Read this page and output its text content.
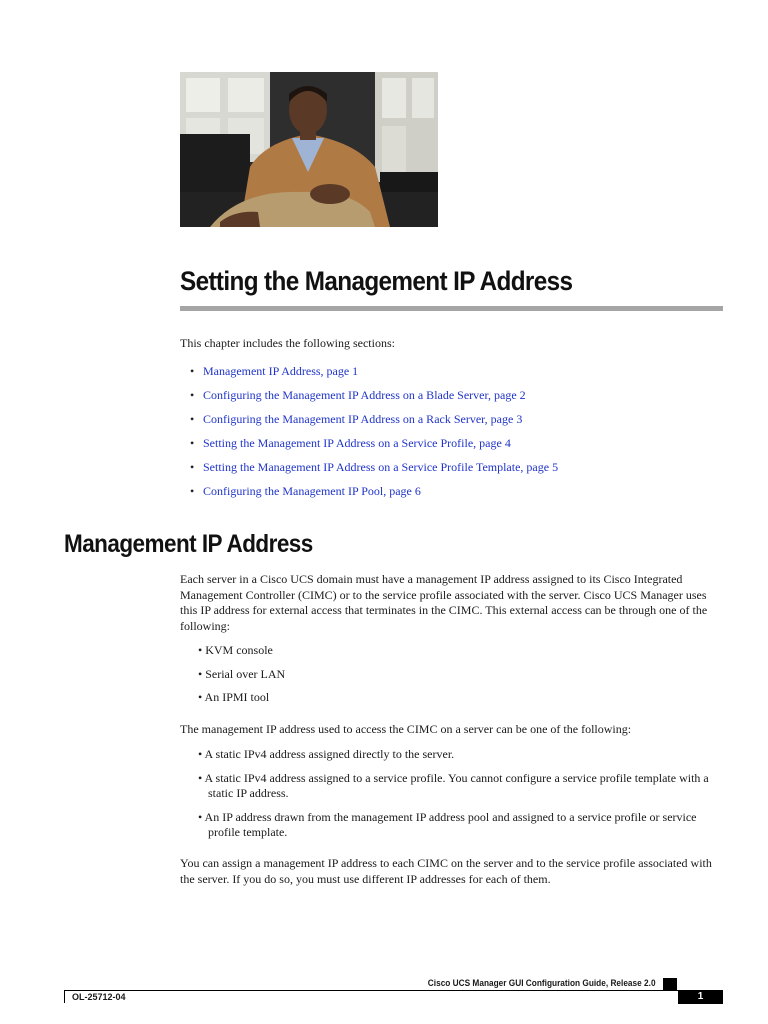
Setting the Management IP Address
This chapter includes the following sections:
• Management IP Address, page 1
• Configuring the Management IP Address on a Blade Server, page 2
• Configuring the Management IP Address on a Rack Server, page 3
• Setting the Management IP Address on a Service Profile, page 4
• Setting the Management IP Address on a Service Profile Template, page 5
• Configuring the Management IP Pool, page 6
Management IP Address

Each server in a Cisco UCS domain must have a management IP address assigned to its Cisco Integrated Management Controller (CIMC) or to the service profile associated with the server. Cisco UCS Manager uses this IP address for external access that terminates in the CIMC. This external access can be through one of the following:

• KVM console
• Serial over LAN
• An IPMI tool

The management IP address used to access the CIMC on a server can be one of the following:

• A static IPv4 address assigned directly to the server.
• A static IPv4 address assigned to a service profile. You cannot configure a service profile template with a static IP address.
• An IP address drawn from the management IP address pool and assigned to a service profile or service profile template.

You can assign a management IP address to each CIMC on the server and to the service profile associated with the server. If you do so, you must use different IP addresses for each of them.

Cisco UCS Manager GUI Configuration Guide, Release 2.0
OL-25712-04	1
